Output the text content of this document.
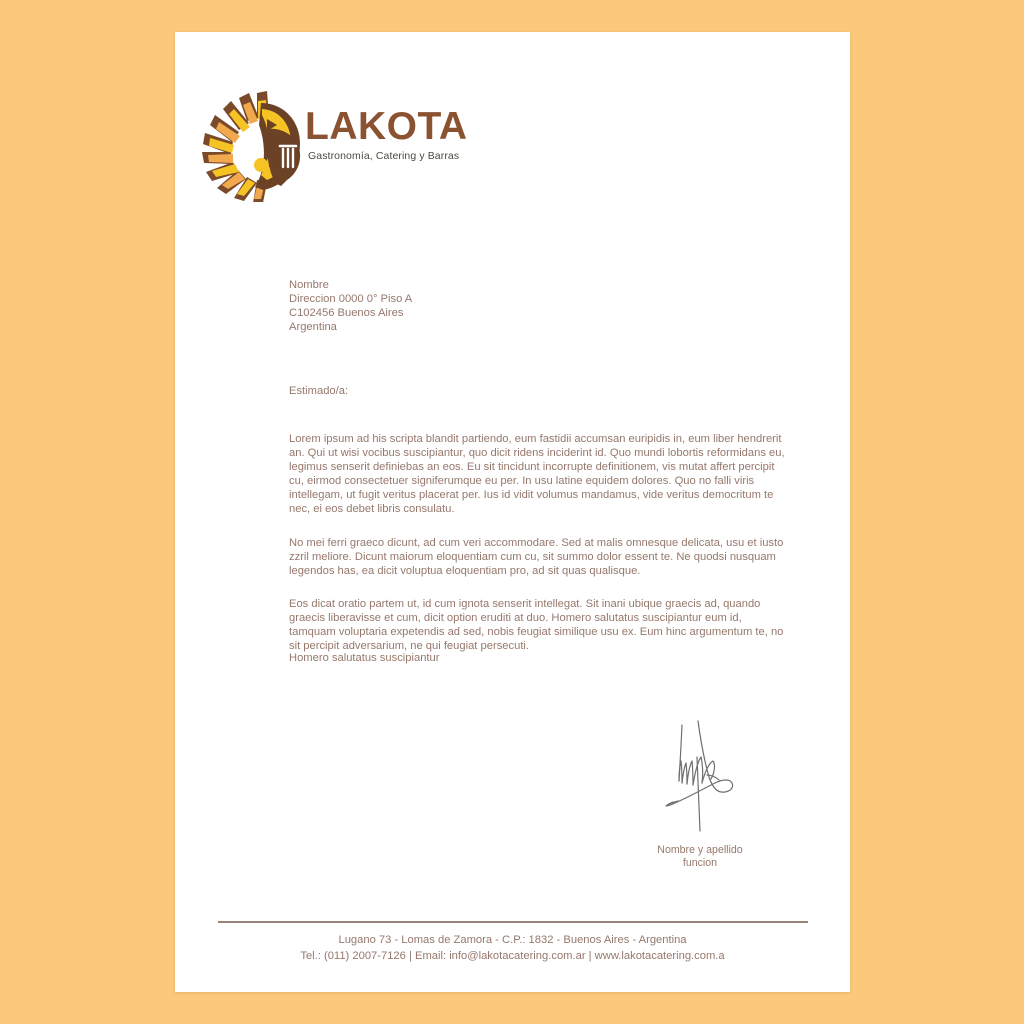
LAKOTA
Gastronomía, Catering y Barras
Nombre
Direccion 0000 0° Piso A
C102456 Buenos Aires
Argentina
Estimado/a:

Lorem ipsum ad his scripta blandit partiendo, eum fastidii accumsan euripidis in, eum liber hendrerit an. Qui ut wisi vocibus suscipiantur, quo dicit ridens inciderint id. Quo mundi lobortis reformidans eu, legimus senserit definiebas an eos. Eu sit tincidunt incorrupte definitionem, vis mutat affert percipit cu, eirmod consectetuer signiferumque eu per. In usu latine equidem dolores. Quo no falli viris intellegam, ut fugit veritus placerat per. Ius id vidit volumus mandamus, vide veritus democritum te nec, ei eos debet libris consulatu.

No mei ferri graeco dicunt, ad cum veri accommodare. Sed at malis omnesque delicata, usu et iusto zzril meliore. Dicunt maiorum eloquentiam cum cu, sit summo dolor essent te. Ne quodsi nusquam legendos has, ea dicit voluptua eloquentiam pro, ad sit quas qualisque.

Eos dicat oratio partem ut, id cum ignota senserit intellegat. Sit inani ubique graecis ad, quando graecis liberavisse et cum, dicit option eruditi at duo. Homero salutatus suscipiantur eum id, tamquam voluptaria expetendis ad sed, nobis feugiat similique usu ex. Eum hinc argumentum te, no sit percipit adversarium, ne qui feugiat persecuti.

Homero salutatus suscipiantur
Nombre y apellido
funcion
Lugano 73 - Lomas de Zamora - C.P.: 1832 - Buenos Aires - Argentina
Tel.: (011) 2007-7126 | Email: info@lakotacatering.com.ar | www.lakotacatering.com.a
